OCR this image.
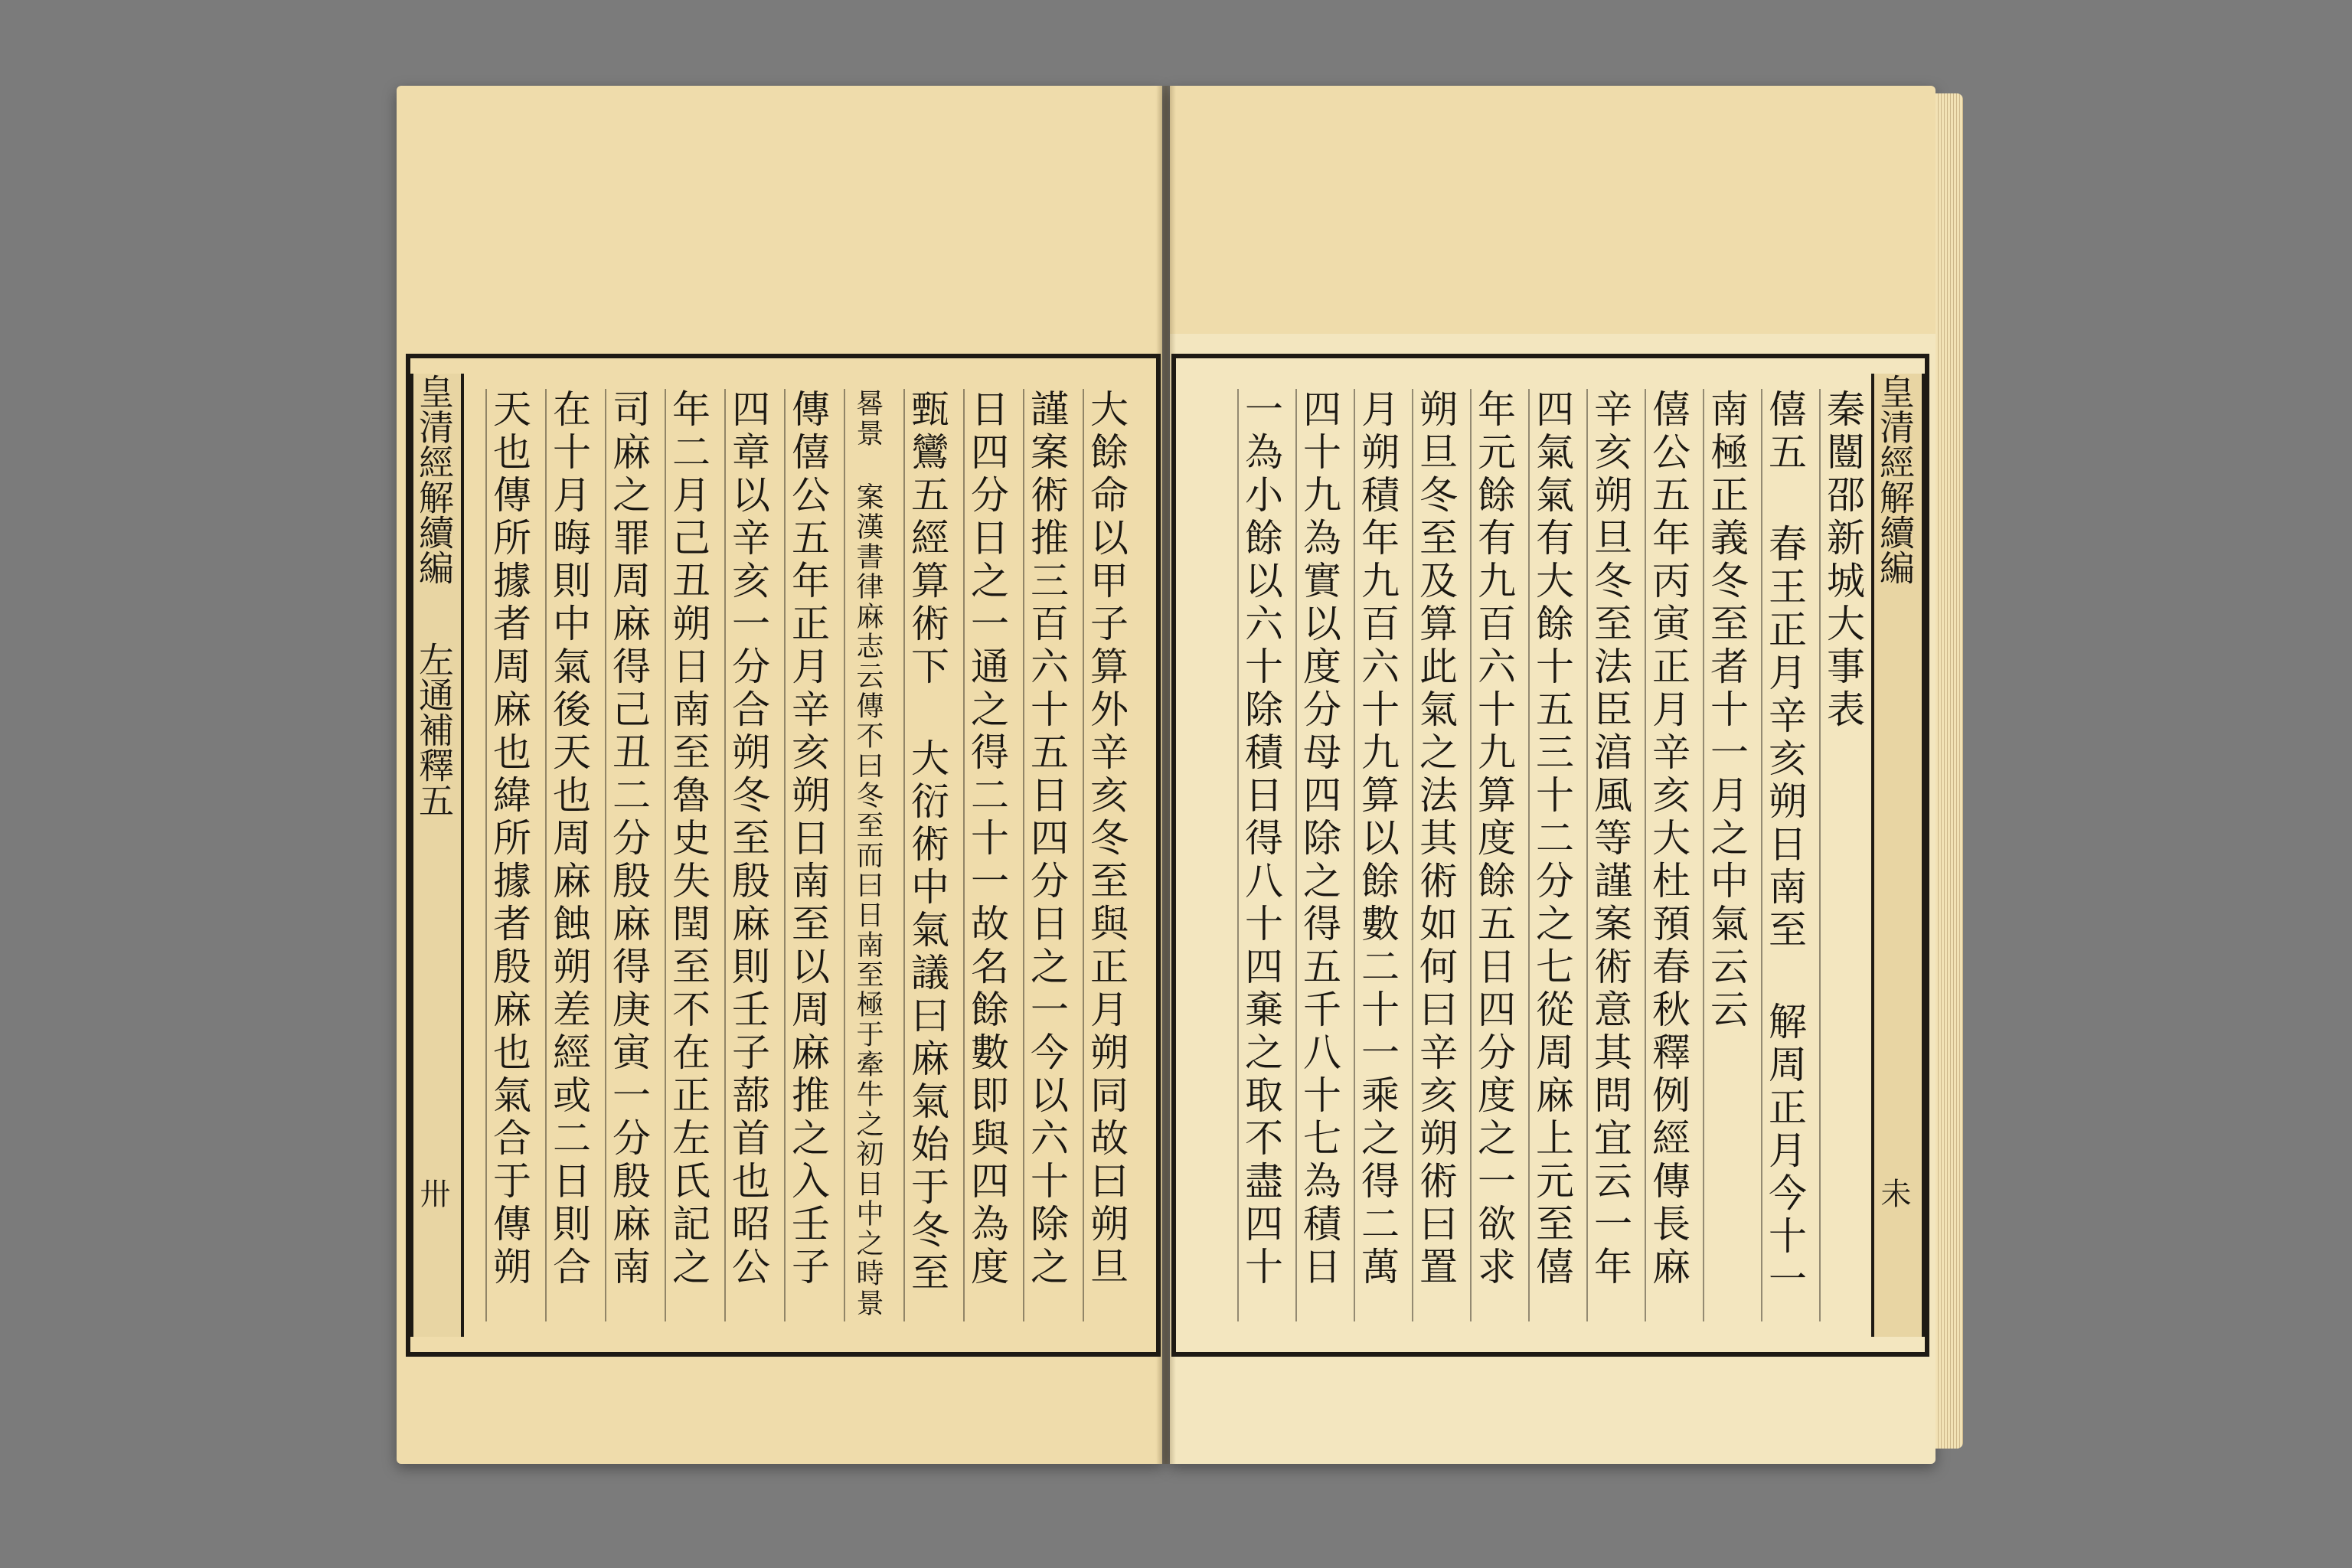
皇清經解續編 左通補釋五
卅
大餘命以甲子算外辛亥冬至與正月朔同故曰朔旦
謹案術推三百六十五日四分日之一今以六十除之
日四分日之一通之得二十一故名餘數即與四為度
甄鸞五經算術下 大衍術中氣議曰麻氣始于冬至
晷景 案漢書律麻志云傳不曰冬至而曰日南至極于牽牛之初日中之時景
傳僖公五年正月辛亥朔日南至以周麻推之入壬子
四章以辛亥一分合朔冬至殷麻則壬子蔀首也昭公
年二月己丑朔日南至魯史失閏至不在正左氏記之
司麻之罪周麻得己丑二分殷麻得庚寅一分殷麻南
在十月晦則中氣後天也周麻蝕朔差經或二日則合
天也傳所據者周麻也緯所據者殷麻也氣合于傳朔
皇清經解續編
未
秦闓邵新城大事表
僖五 春王正月辛亥朔日南至 解周正月今十一
南極正義冬至者十一月之中氣云云
僖公五年丙寅正月辛亥大杜預春秋釋例經傳長麻
辛亥朔旦冬至法臣湻風等謹案術意其問宜云一年
四氣氣有大餘十五三十二分之七從周麻上元至僖
年元餘有九百六十九算度餘五日四分度之一欲求
朔旦冬至及算此氣之法其術如何曰辛亥朔術曰置
月朔積年九百六十九算以餘數二十一乘之得二萬
四十九為實以度分母四除之得五千八十七為積日
一為小餘以六十除積日得八十四棄之取不盡四十
